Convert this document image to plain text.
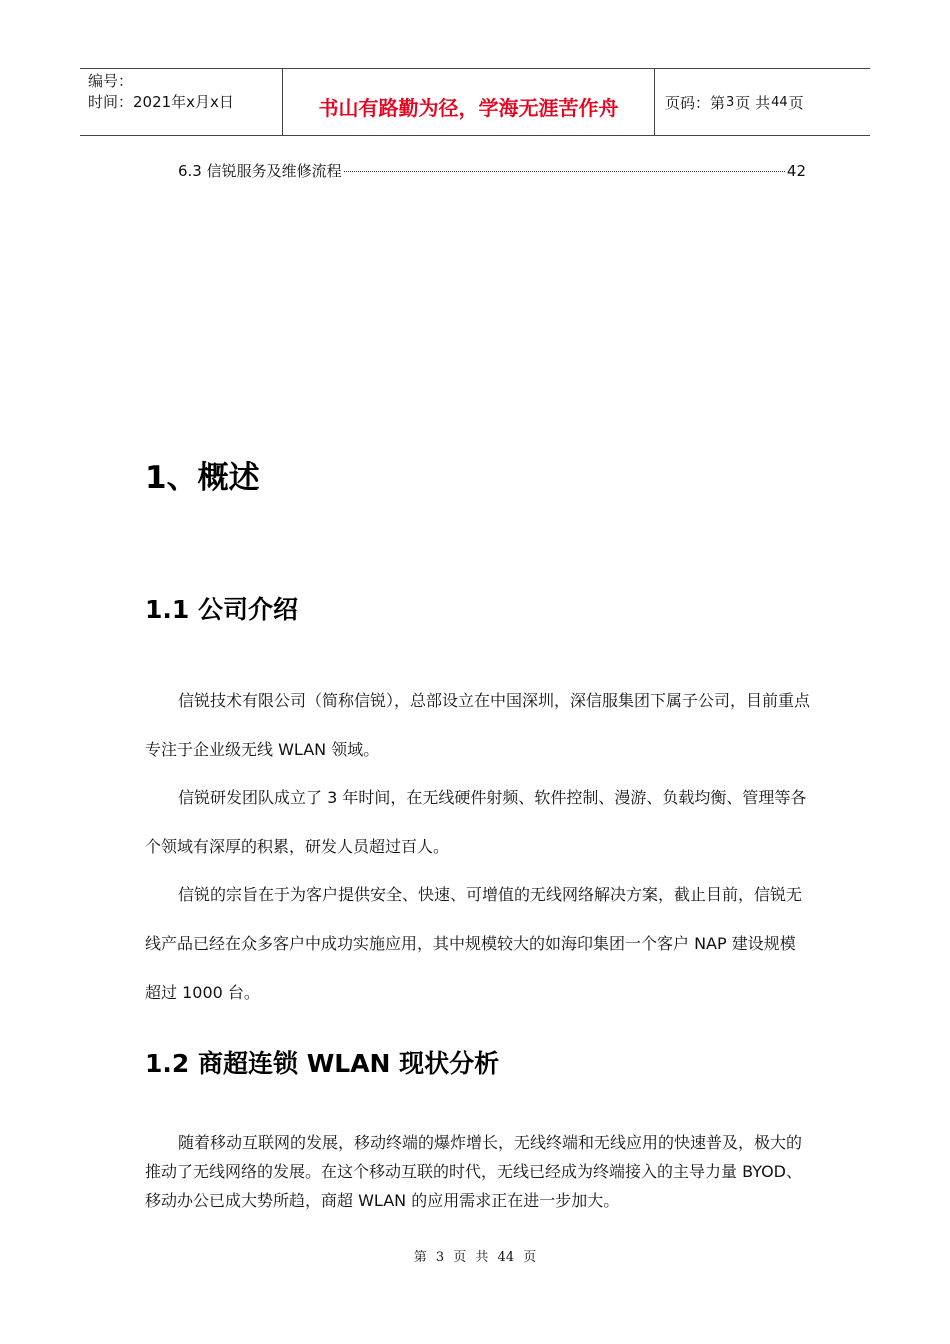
编号：
时间：2021年x月x日	书山有路勤为径，学海无涯苦作舟	页码：第 3 页 共 44 页
6.3 信锐服务及维修流程	42
1、概述
1.1 公司介绍

信锐技术有限公司（简称信锐），总部设立在中国深圳，深信服集团下属子公司，目前重点专注于企业级无线 WLAN 领域。

信锐研发团队成立了 3 年时间，在无线硬件射频、软件控制、漫游、负载均衡、管理等各个领域有深厚的积累，研发人员超过百人。

信锐的宗旨在于为客户提供安全、快速、可增值的无线网络解决方案，截止目前，信锐无线产品已经在众多客户中成功实施应用，其中规模较大的如海印集团一个客户 NAP 建设规模超过 1000 台。

1.2 商超连锁 WLAN 现状分析

随着移动互联网的发展，移动终端的爆炸增长，无线终端和无线应用的快速普及，极大的推动了无线网络的发展。在这个移动互联的时代，无线已经成为终端接入的主导力量 BYOD、移动办公已成大势所趋，商超 WLAN 的应用需求正在进一步加大。

第 3 页 共 44 页
